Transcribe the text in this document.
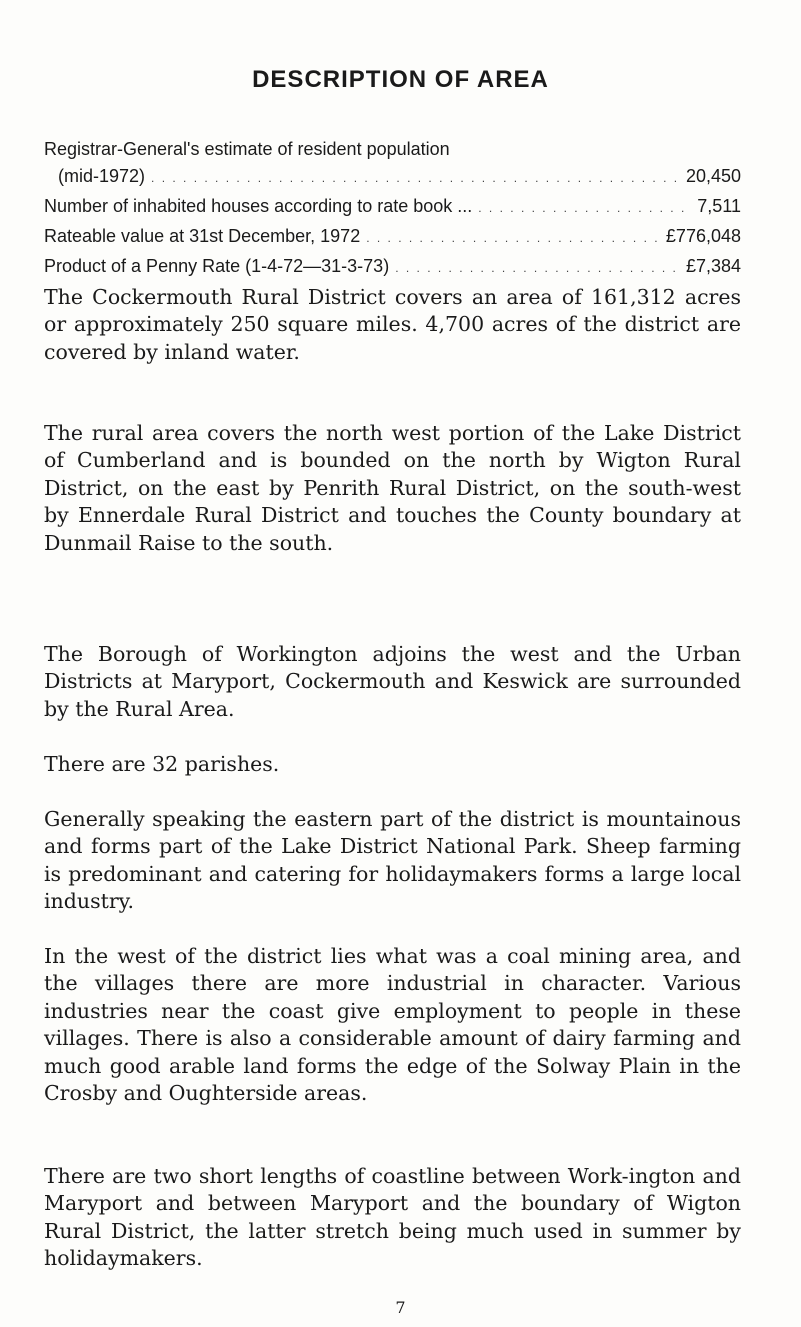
DESCRIPTION OF AREA
Registrar-General's estimate of resident population
(mid-1972) . . .	20,450
Number of inhabited houses according to rate book ... . . .	7,511
Rateable value at 31st December, 1972 . . .	£776,048
Product of a Penny Rate (1-4-72—31-3-73) . . .	£7,384

The Cockermouth Rural District covers an area of 161,312 acres or approximately 250 square miles. 4,700 acres of the district are covered by inland water.

The rural area covers the north west portion of the Lake District of Cumberland and is bounded on the north by Wigton Rural District, on the east by Penrith Rural District, on the south-west by Ennerdale Rural District and touches the County boundary at Dunmail Raise to the south.

The Borough of Workington adjoins the west and the Urban Districts at Maryport, Cockermouth and Keswick are surrounded by the Rural Area.

There are 32 parishes.

Generally speaking the eastern part of the district is mountainous and forms part of the Lake District National Park. Sheep farming is predominant and catering for holidaymakers forms a large local industry.

In the west of the district lies what was a coal mining area, and the villages there are more industrial in character. Various industries near the coast give employment to people in these villages. There is also a considerable amount of dairy farming and much good arable land forms the edge of the Solway Plain in the Crosby and Oughterside areas.

There are two short lengths of coastline between Work-ington and Maryport and between Maryport and the boundary of Wigton Rural District, the latter stretch being much used in summer by holidaymakers.

7
